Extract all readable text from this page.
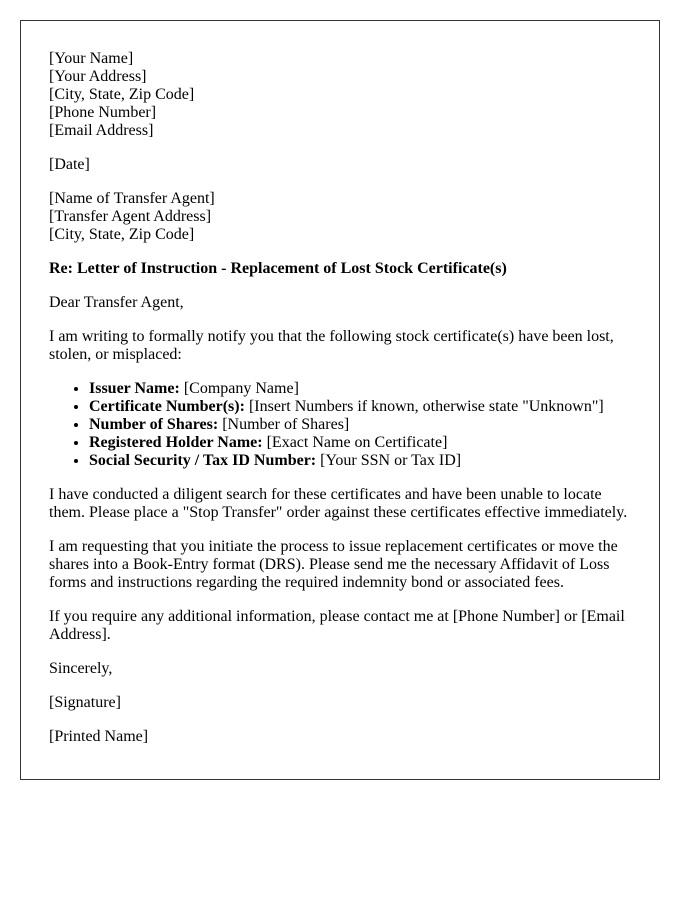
[Your Name]
[Your Address]
[City, State, Zip Code]
[Phone Number]
[Email Address]
[Date]
[Name of Transfer Agent]
[Transfer Agent Address]
[City, State, Zip Code]

Re: Letter of Instruction - Replacement of Lost Stock Certificate(s)

Dear Transfer Agent,

I am writing to formally notify you that the following stock certificate(s) have been lost, stolen, or misplaced:

• Issuer Name: [Company Name]
• Certificate Number(s): [Insert Numbers if known, otherwise state "Unknown"]
• Number of Shares: [Number of Shares]
• Registered Holder Name: [Exact Name on Certificate]
• Social Security / Tax ID Number: [Your SSN or Tax ID]

I have conducted a diligent search for these certificates and have been unable to locate them. Please place a "Stop Transfer" order against these certificates effective immediately.

I am requesting that you initiate the process to issue replacement certificates or move the shares into a Book-Entry format (DRS). Please send me the necessary Affidavit of Loss forms and instructions regarding the required indemnity bond or associated fees.

If you require any additional information, please contact me at [Phone Number] or [Email Address].

Sincerely,

[Signature]

[Printed Name]
